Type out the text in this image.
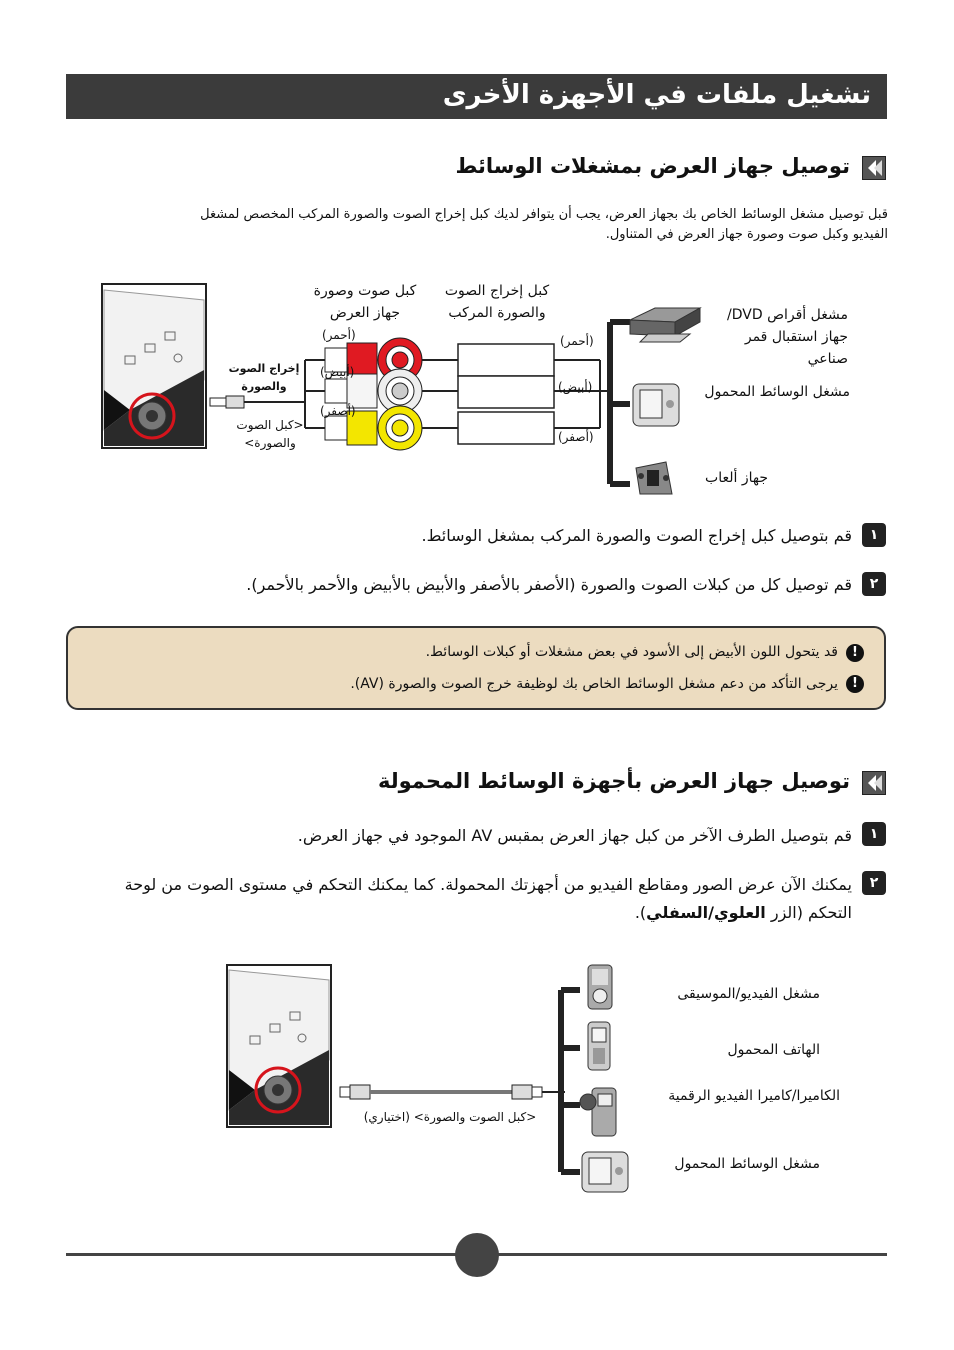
تشغيل ملفات في الأجهزة الأخرى
توصيل جهاز العرض بمشغلات الوسائط
قبل توصيل مشغل الوسائط الخاص بك بجهاز العرض، يجب أن يتوافر لديك كبل إخراج الصوت والصورة المركب المخصص لمشغل
الفيديو وكبل صوت وصورة جهاز العرض في المتناول.
كبل إخراج الصوت والصورة المركب
كبل صوت وصورة جهاز العرض
(أحمر)
(أبيض)
(أصفر)
(أحمر)
(أبيض)
(أصفر)
إخراج الصوت والصورة
<كبل الصوت والصورة>
مشغل أقراص DVD/جهاز استقبال قمر صناعي
مشغل الوسائط المحمول
جهاز ألعاب
١
قم بتوصيل كبل إخراج الصوت والصورة المركب بمشغل الوسائط.
٢
قم توصيل كل من كبلات الصوت والصورة (الأصفر بالأصفر والأبيض بالأبيض والأحمر بالأحمر).
!
قد يتحول اللون الأبيض إلى الأسود في بعض مشغلات أو كبلات الوسائط.
!
يرجى التأكد من دعم مشغل الوسائط الخاص بك لوظيفة خرج الصوت والصورة (AV).
توصيل جهاز العرض بأجهزة الوسائط المحمولة
١
قم بتوصيل الطرف الآخر من كبل جهاز العرض بمقبس AV الموجود في جهاز العرض.
٢
يمكنك الآن عرض الصور ومقاطع الفيديو من أجهزتك المحمولة. كما يمكنك التحكم في مستوى الصوت من لوحة
التحكم (الزر العلوي/السفلي).
<كبل الصوت والصورة> (اختياري)
مشغل الفيديو/الموسيقى
الهاتف المحمول
الكاميرا/كاميرا الفيديو الرقمية
مشغل الوسائط المحمول
